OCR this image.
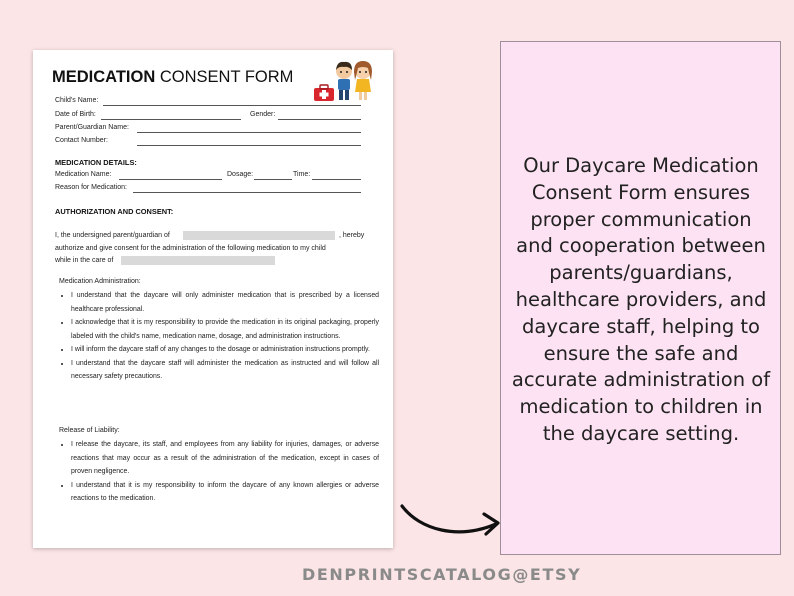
MEDICATION CONSENT FORM
Child's Name:
Date of Birth:	Gender:
Parent/Guardian Name:
Contact Number:
MEDICATION DETAILS:
Medication Name:	Dosage:	Time:
Reason for Medication:
AUTHORIZATION AND CONSENT:
I, the undersigned parent/guardian of	, hereby
authorize and give consent for the administration of the following medication to my child
while in the care of
Medication Administration:
• I understand that the daycare will only administer medication that is prescribed by a licensed healthcare professional.
• I acknowledge that it is my responsibility to provide the medication in its original packaging, properly labeled with the child's name, medication name, dosage, and administration instructions.
• I will inform the daycare staff of any changes to the dosage or administration instructions promptly.
• I understand that the daycare staff will administer the medication as instructed and will follow all necessary safety precautions.
Release of Liability:
• I release the daycare, its staff, and employees from any liability for injuries, damages, or adverse reactions that may occur as a result of the administration of the medication, except in cases of proven negligence.
• I understand that it is my responsibility to inform the daycare of any known allergies or adverse reactions to the medication.
Our Daycare Medication Consent Form ensures proper communication and cooperation between parents/guardians, healthcare providers, and daycare staff, helping to ensure the safe and accurate administration of medication to children in the daycare setting.
DENPRINTSCATALOG@ETSY
